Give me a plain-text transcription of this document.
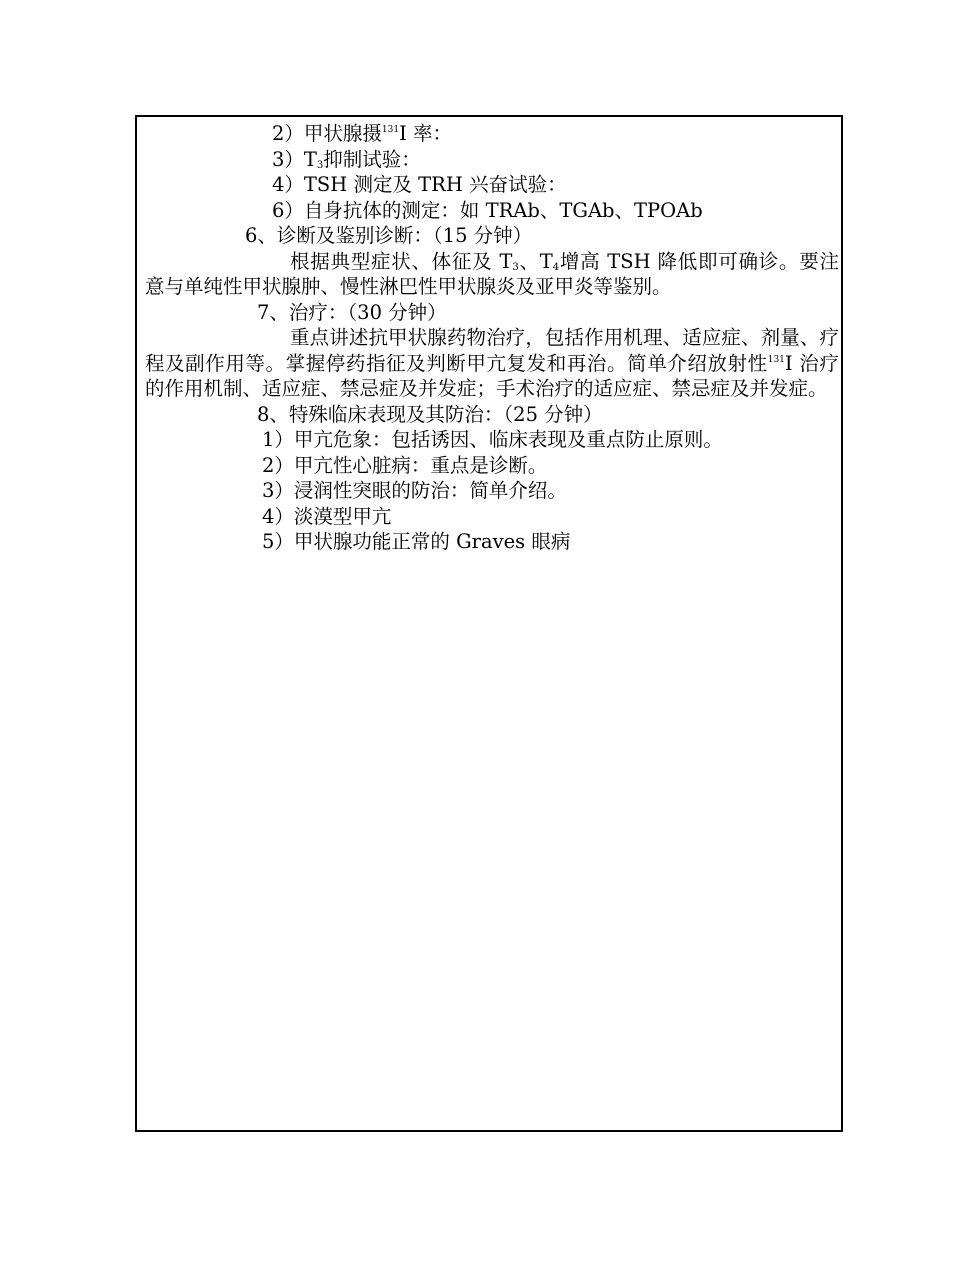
2）甲状腺摄$^{131}$I 率：
$3)T_3$抑制试验：
4）TSH 测定及 TRH 兴奋试验：
6）自身抗体的测定：如 TRAb、TGAb、TPOAb
6、诊断及鉴别诊断：（15 分钟）
根据典型症状、体征及 $T_3$、$T_4$增高 TSH 降低即可确诊。要注意与单纯性甲状腺肿、慢性淋巴性甲状腺炎及亚甲炎等鉴别。
7、治疗：（30 分钟）
重点讲述抗甲状腺药物治疗，包括作用机理、适应症、剂量、疗程及副作用等。掌握停药指征及判断甲亢复发和再治。简单介绍放射性$^{131}$I 治疗的作用机制、适应症、禁忌症及并发症；手术治疗的适应症、禁忌症及并发症。
8、特殊临床表现及其防治：（25 分钟）
1）甲亢危象：包括诱因、临床表现及重点防止原则。
2）甲亢性心脏病：重点是诊断。
3）浸润性突眼的防治：简单介绍。
4）淡漠型甲亢
5）甲状腺功能正常的 Graves 眼病
